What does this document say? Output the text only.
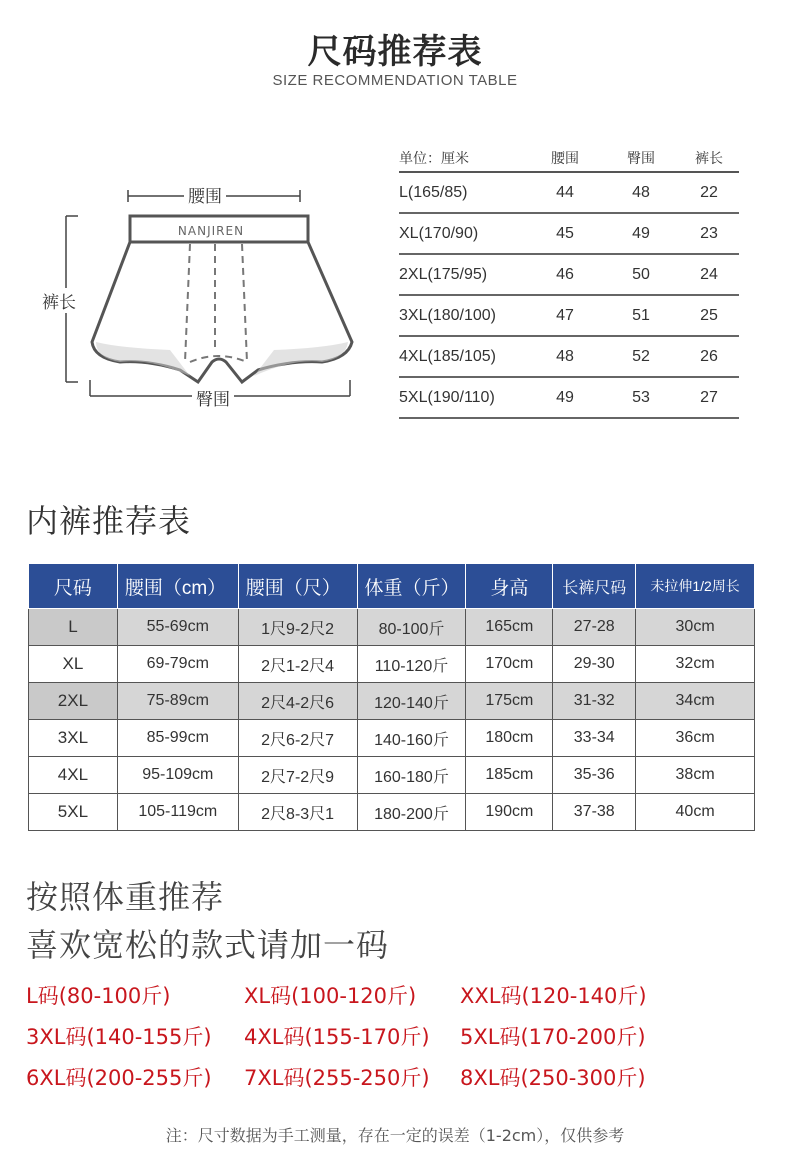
尺码推荐表
SIZE RECOMMENDATION TABLE
NANJIREN
腰围
裤长
臀围
单位：厘米	腰围	臀围	裤长
L(165/85)	44	48	22
XL(170/90)	45	49	23
2XL(175/95)	46	50	24
3XL(180/100)	47	51	25
4XL(185/105)	48	52	26
5XL(190/110)	49	53	27
内裤推荐表
尺码	腰围（cm）	腰围（尺）	体重（斤）	身高	长裤尺码	未拉伸1/2周长
L	55-69cm	1尺9-2尺2	80-100斤	165cm	27-28	30cm
XL	69-79cm	2尺1-2尺4	110-120斤	170cm	29-30	32cm
2XL	75-89cm	2尺4-2尺6	120-140斤	175cm	31-32	34cm
3XL	85-99cm	2尺6-2尺7	140-160斤	180cm	33-34	36cm
4XL	95-109cm	2尺7-2尺9	160-180斤	185cm	35-36	38cm
5XL	105-119cm	2尺8-3尺1	180-200斤	190cm	37-38	40cm
按照体重推荐
喜欢宽松的款式请加一码
L码(80-100斤)	XL码(100-120斤) XXL码(120-140斤)
3XL码(140-155斤) 4XL码(155-170斤) 5XL码(170-200斤)
6XL码(200-255斤) 7XL码(255-250斤) 8XL码(250-300斤)
注：尺寸数据为手工测量，存在一定的误差（1-2cm），仅供参考
